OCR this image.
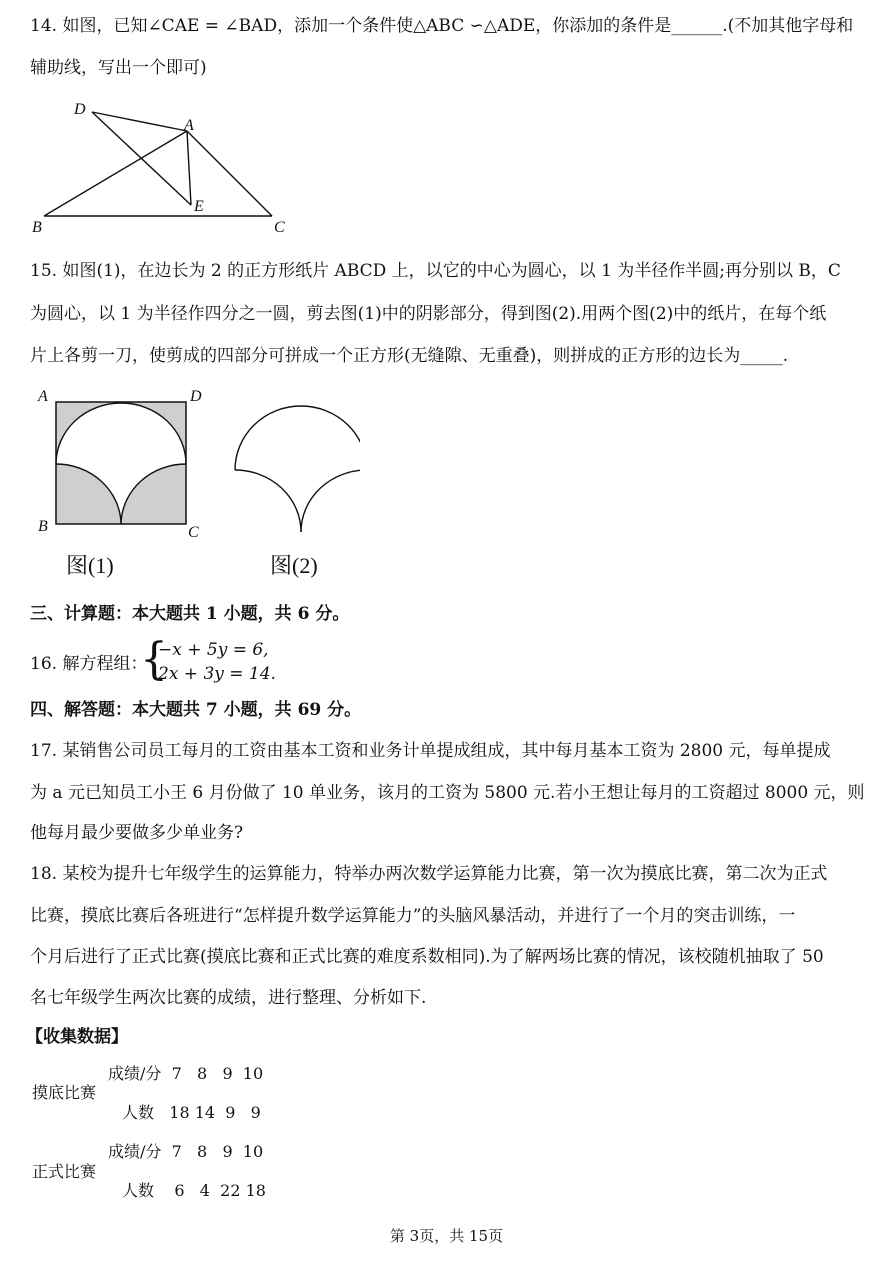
14. 如图，已知∠CAE = ∠BAD，添加一个条件使△ABC ∽△ADE，你添加的条件是______.(不加其他字母和
辅助线，写出一个即可)
D
A
E
B	C
15. 如图(1)，在边长为 2 的正方形纸片 ABCD 上，以它的中心为圆心，以 1 为半径作半圆;再分别以 B，C
为圆心，以 1 为半径作四分之一圆，剪去图(1)中的阴影部分，得到图(2).用两个图(2)中的纸片，在每个纸
片上各剪一刀，使剪成的四部分可拼成一个正方形(无缝隙、无重叠)，则拼成的正方形的边长为_____.
A	D
B	C
图(1)	图(2)
三、计算题：本大题共 1 小题，共 6 分。
16. 解方程组：
{
−x + 5y = 6,
2x + 3y = 14.
四、解答题：本大题共 7 小题，共 69 分。
17. 某销售公司员工每月的工资由基本工资和业务计单提成组成，其中每月基本工资为 2800 元，每单提成
为 a 元已知员工小王 6 月份做了 10 单业务，该月的工资为 5800 元.若小王想让每月的工资超过 8000 元，则
他每月最少要做多少单业务?
18. 某校为提升七年级学生的运算能力，特举办两次数学运算能力比赛，第一次为摸底比赛，第二次为正式
比赛，摸底比赛后各班进行“怎样提升数学运算能力”的头脑风暴活动，并进行了一个月的突击训练，一
个月后进行了正式比赛(摸底比赛和正式比赛的难度系数相同).为了解两场比赛的情况，该校随机抽取了 50
名七年级学生两次比赛的成绩，进行整理、分析如下.
【收集数据】
摸底比赛
成绩/分  7   8   9  10
人数   18 14  9   9
正式比赛
成绩/分  7   8   9  10
人数    6   4  22 18
第 3页，共 15页
